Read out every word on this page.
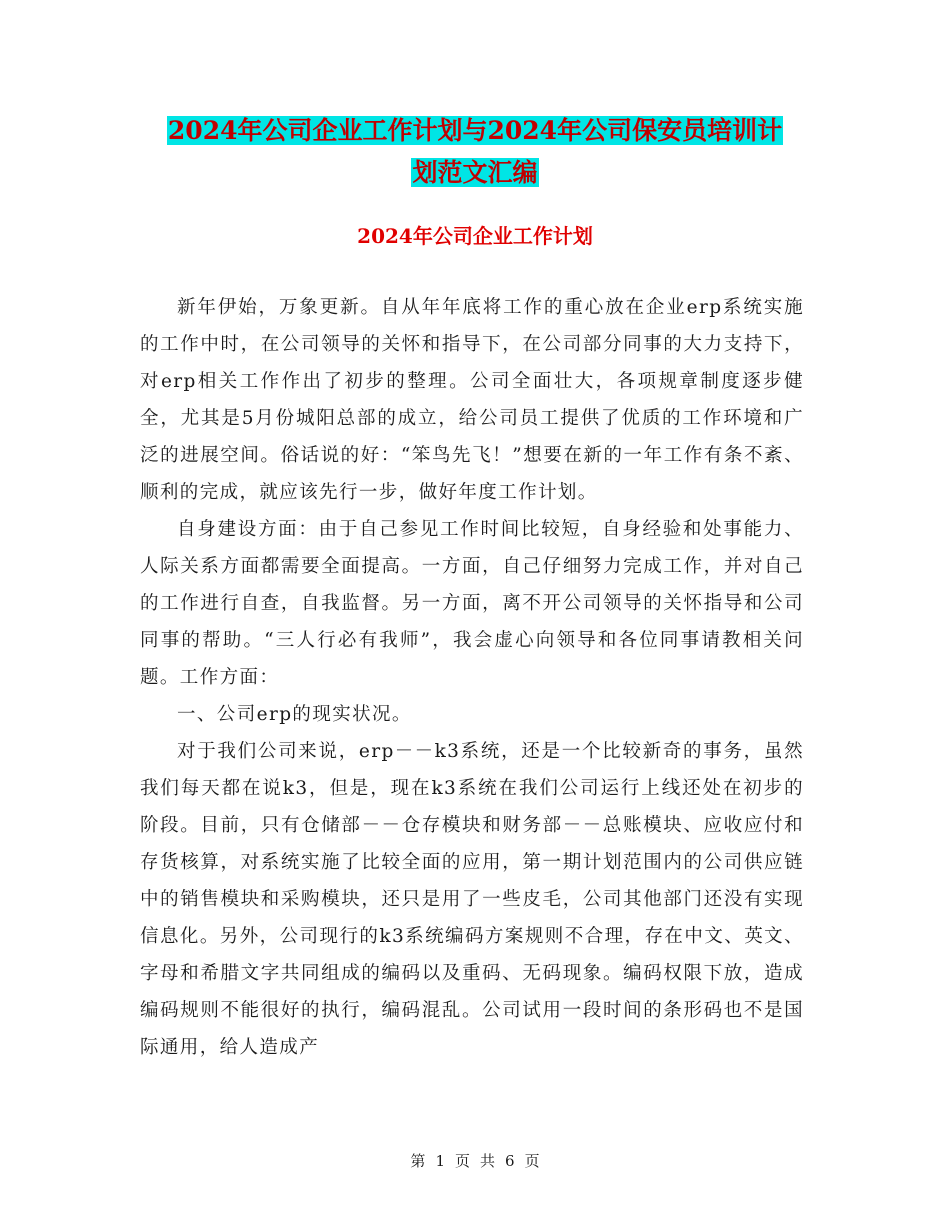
2024年公司企业工作计划与2024年公司保安员培训计
划范文汇编
2024年公司企业工作计划

新年伊始，万象更新。自从年年底将工作的重心放在企业erp系统实施的工作中时，在公司领导的关怀和指导下，在公司部分同事的大力支持下，对erp相关工作作出了初步的整理。公司全面壮大，各项规章制度逐步健全，尤其是5月份城阳总部的成立，给公司员工提供了优质的工作环境和广泛的进展空间。俗话说的好：“笨鸟先飞！”想要在新的一年工作有条不紊、顺利的完成，就应该先行一步，做好年度工作计划。

自身建设方面：由于自己参见工作时间比较短，自身经验和处事能力、人际关系方面都需要全面提高。一方面，自己仔细努力完成工作，并对自己的工作进行自查，自我监督。另一方面，离不开公司领导的关怀指导和公司同事的帮助。“三人行必有我师”，我会虚心向领导和各位同事请教相关问题。工作方面：

一、公司erp的现实状况。

对于我们公司来说，erp－－k3系统，还是一个比较新奇的事务，虽然我们每天都在说k3，但是，现在k3系统在我们公司运行上线还处在初步的阶段。目前，只有仓储部－－仓存模块和财务部－－总账模块、应收应付和存货核算，对系统实施了比较全面的应用，第一期计划范围内的公司供应链中的销售模块和采购模块，还只是用了一些皮毛，公司其他部门还没有实现信息化。另外，公司现行的k3系统编码方案规则不合理，存在中文、英文、字母和希腊文字共同组成的编码以及重码、无码现象。编码权限下放，造成编码规则不能很好的执行，编码混乱。公司试用一段时间的条形码也不是国际通用，给人造成产

第 1 页 共 6 页
